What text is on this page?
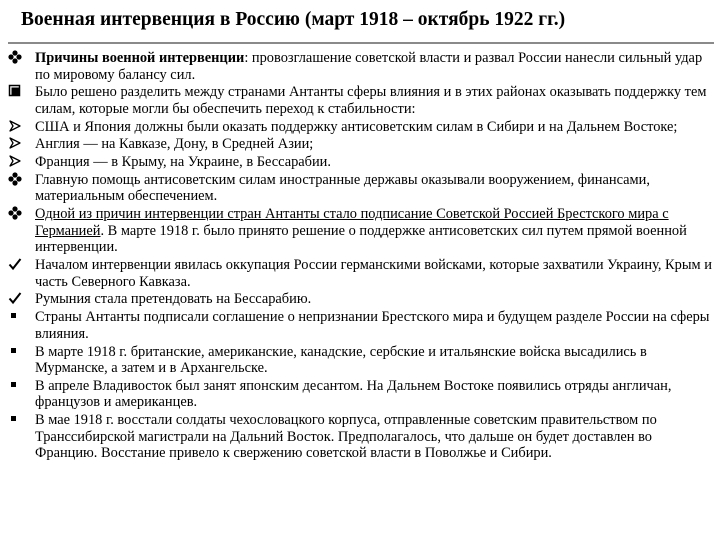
Военная интервенция в Россию (март 1918 – октябрь 1922 гг.)
Причины военной интервенции: провозглашение советской власти и развал России нанесли сильный удар по мировому балансу сил.
Было решено разделить между странами Антанты сферы влияния и в этих районах оказывать поддержку тем силам, которые могли бы обеспечить переход к стабильности:
США и Япония должны были оказать поддержку антисоветским силам в Сибири и на Дальнем Востоке;
Англия — на Кавказе, Дону, в Средней Азии;
Франция — в Крыму, на Украине, в Бессарабии.
Главную помощь антисоветским силам иностранные державы оказывали вооружением, финансами, материальным обеспечением.
Одной из причин интервенции стран Антанты стало подписание Советской Россией Брестского мира с Германией. В марте 1918 г. было принято решение о поддержке антисоветских сил путем прямой военной интервенции.
Началом интервенции явилась оккупация России германскими войсками, которые захватили Украину, Крым и часть Северного Кавказа.
Румыния стала претендовать на Бессарабию.
Страны Антанты подписали соглашение о непризнании Брестского мира и будущем разделе России на сферы влияния.
В марте 1918 г. британские, американские, канадские, сербские и итальянские войска высадились в Мурманске, а затем и в Архангельске.
В апреле Владивосток был занят японским десантом. На Дальнем Востоке появились отряды англичан, французов и американцев.
В мае 1918 г. восстали солдаты чехословацкого корпуса, отправленные советским правительством по Транссибирской магистрали на Дальний Восток. Предполагалось, что дальше он будет доставлен во Францию. Восстание привело к свержению советской власти в Поволжье и Сибири.
